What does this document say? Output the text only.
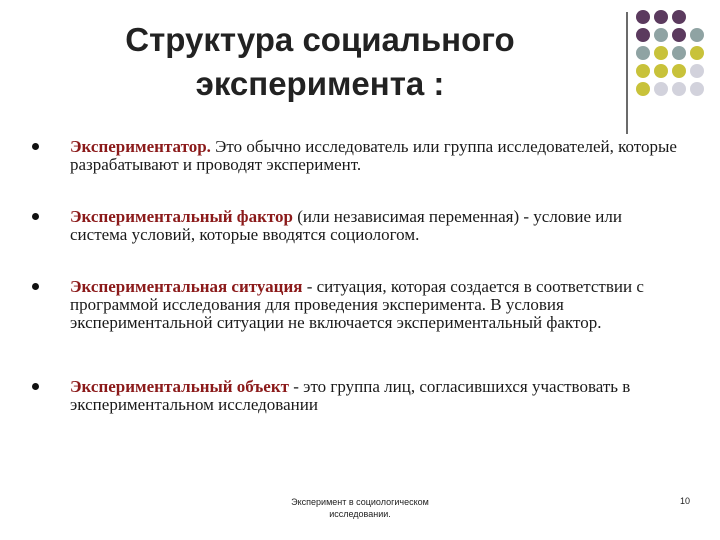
Структура социального
эксперимента :
Экспериментатор. Это обычно исследователь или группа исследователей, которые разрабатывают и проводят эксперимент.
Экспериментальный фактор (или независимая переменная) - условие или система условий, которые вводятся социологом.
Экспериментальная ситуация - ситуация, которая создается в соответствии с программой исследования для проведения эксперимента. В условия экспериментальной ситуации не включается экспериментальный фактор.
Экспериментальный объект - это группа лиц, согласившихся участвовать в экспериментальном исследовании
Эксперимент в социологическом
исследовании.
10
